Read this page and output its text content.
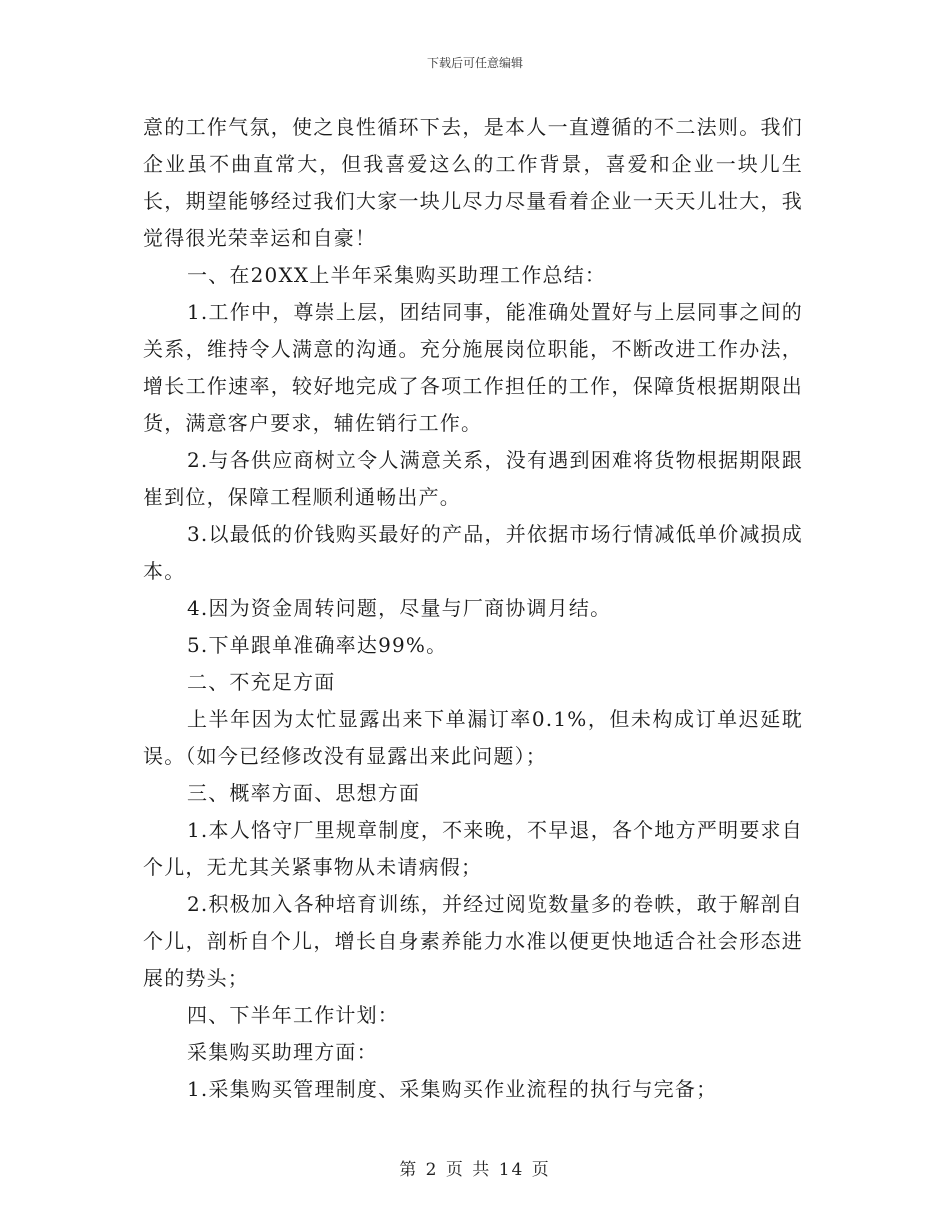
下载后可任意编辑

意的工作气氛，使之良性循环下去，是本人一直遵循的不二法则。我们企业虽不曲直常大，但我喜爱这么的工作背景，喜爱和企业一块儿生长，期望能够经过我们大家一块儿尽力尽量看着企业一天天儿壮大，我觉得很光荣幸运和自豪！

一、在20XX上半年采集购买助理工作总结：

1.工作中，尊崇上层，团结同事，能准确处置好与上层同事之间的关系，维持令人满意的沟通。充分施展岗位职能，不断改进工作办法，增长工作速率，较好地完成了各项工作担任的工作，保障货根据期限出货，满意客户要求，辅佐销行工作。

2.与各供应商树立令人满意关系，没有遇到困难将货物根据期限跟崔到位，保障工程顺利通畅出产。

3.以最低的价钱购买最好的产品，并依据市场行情减低单价减损成本。

4.因为资金周转问题，尽量与厂商协调月结。

5.下单跟单准确率达99%。

二、不充足方面

上半年因为太忙显露出来下单漏订率0.1%，但未构成订单迟延耽误。（如今已经修改没有显露出来此问题）；

三、概率方面、思想方面

1.本人恪守厂里规章制度，不来晚，不早退，各个地方严明要求自个儿，无尤其关紧事物从未请病假；

2.积极加入各种培育训练，并经过阅览数量多的卷帙，敢于解剖自个儿，剖析自个儿，增长自身素养能力水准以便更快地适合社会形态进展的势头；

四、下半年工作计划：

采集购买助理方面：

1.采集购买管理制度、采集购买作业流程的执行与完备；

第 2 页 共 14 页
